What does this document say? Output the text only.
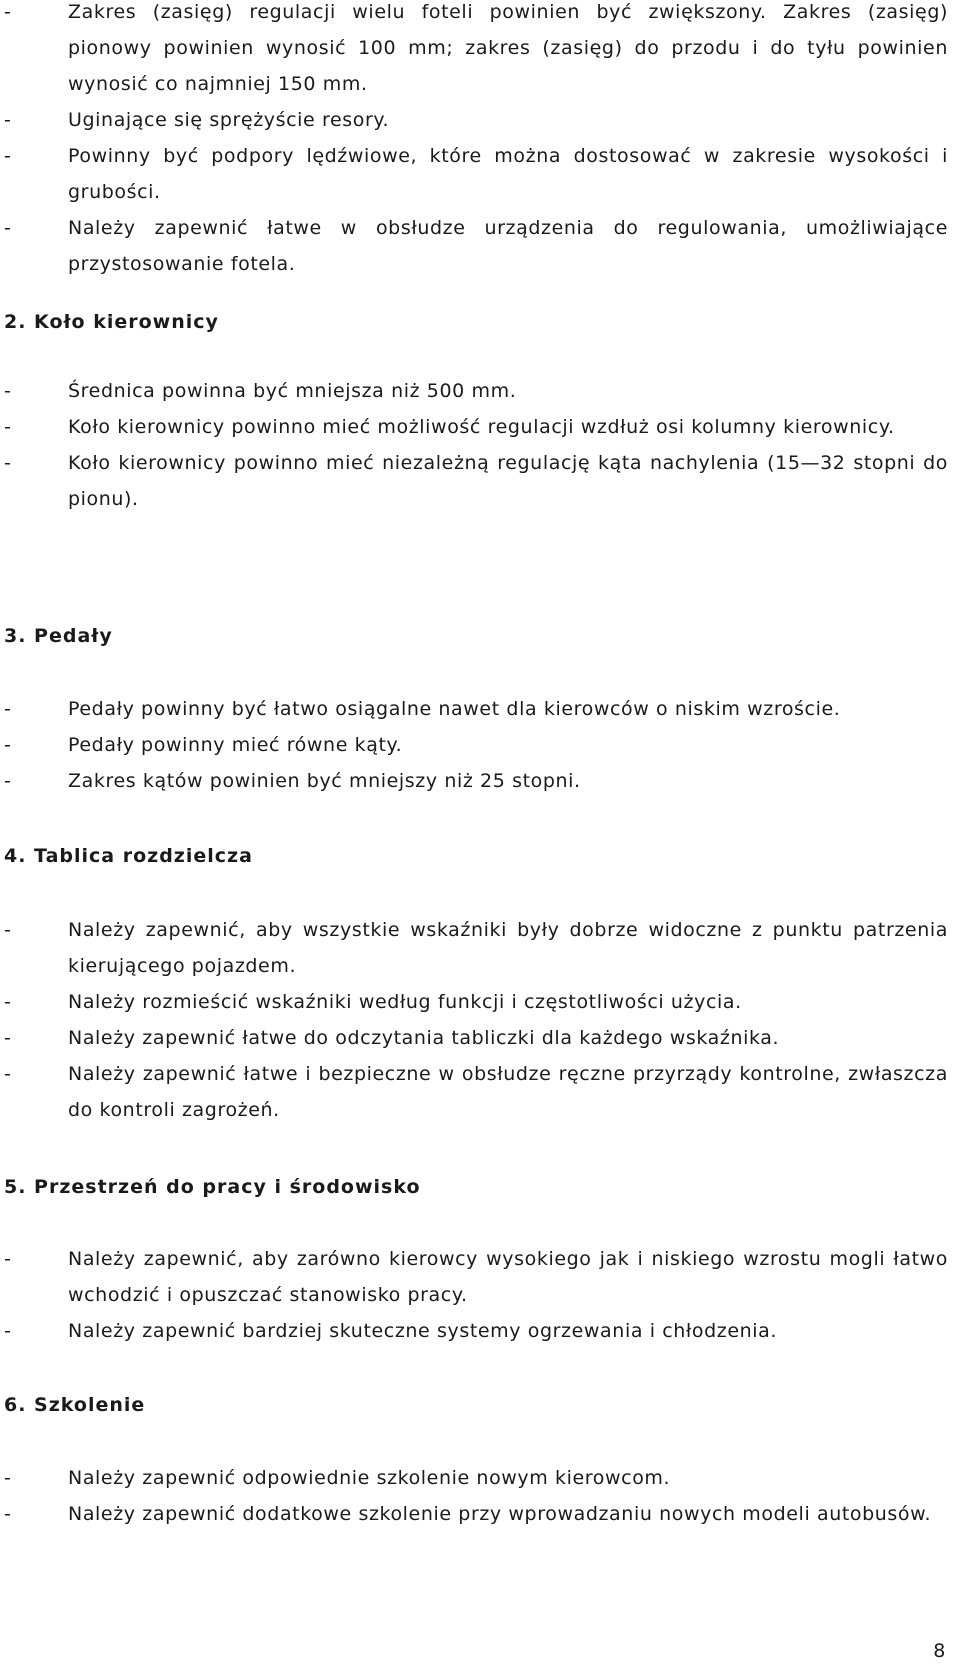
-	Zakres (zasięg) regulacji wielu foteli powinien być zwiększony. Zakres (zasięg) pionowy powinien wynosić 100 mm; zakres (zasięg) do przodu i do tyłu powinien wynosić co najmniej 150 mm.
-	Uginające się sprężyście resory.
-	Powinny być podpory lędźwiowe, które można dostosować w zakresie wysokości i grubości.
-	Należy zapewnić łatwe w obsłudze urządzenia do regulowania, umożliwiające przystosowanie fotela.
2. Koło kierownicy
-	Średnica powinna być mniejsza niż 500 mm.
-	Koło kierownicy powinno mieć możliwość regulacji wzdłuż osi kolumny kierownicy.
-	Koło kierownicy powinno mieć niezależną regulację kąta nachylenia (15—32 stopni do pionu).
3. Pedały
-	Pedały powinny być łatwo osiągalne nawet dla kierowców o niskim wzroście.
-	Pedały powinny mieć równe kąty.
-	Zakres kątów powinien być mniejszy niż 25 stopni.
4. Tablica rozdzielcza
-	Należy zapewnić, aby wszystkie wskaźniki były dobrze widoczne z punktu patrzenia kierującego pojazdem.
-	Należy rozmieścić wskaźniki według funkcji i częstotliwości użycia.
-	Należy zapewnić łatwe do odczytania tabliczki dla każdego wskaźnika.
-	Należy zapewnić łatwe i bezpieczne w obsłudze ręczne przyrządy kontrolne, zwłaszcza do kontroli zagrożeń.
5. Przestrzeń do pracy i środowisko
-	Należy zapewnić, aby zarówno kierowcy wysokiego jak i niskiego wzrostu mogli łatwo wchodzić i opuszczać stanowisko pracy.
-	Należy zapewnić bardziej skuteczne systemy ogrzewania i chłodzenia.
6. Szkolenie
-	Należy zapewnić odpowiednie szkolenie nowym kierowcom.
-	Należy zapewnić dodatkowe szkolenie przy wprowadzaniu nowych modeli autobusów.
8
